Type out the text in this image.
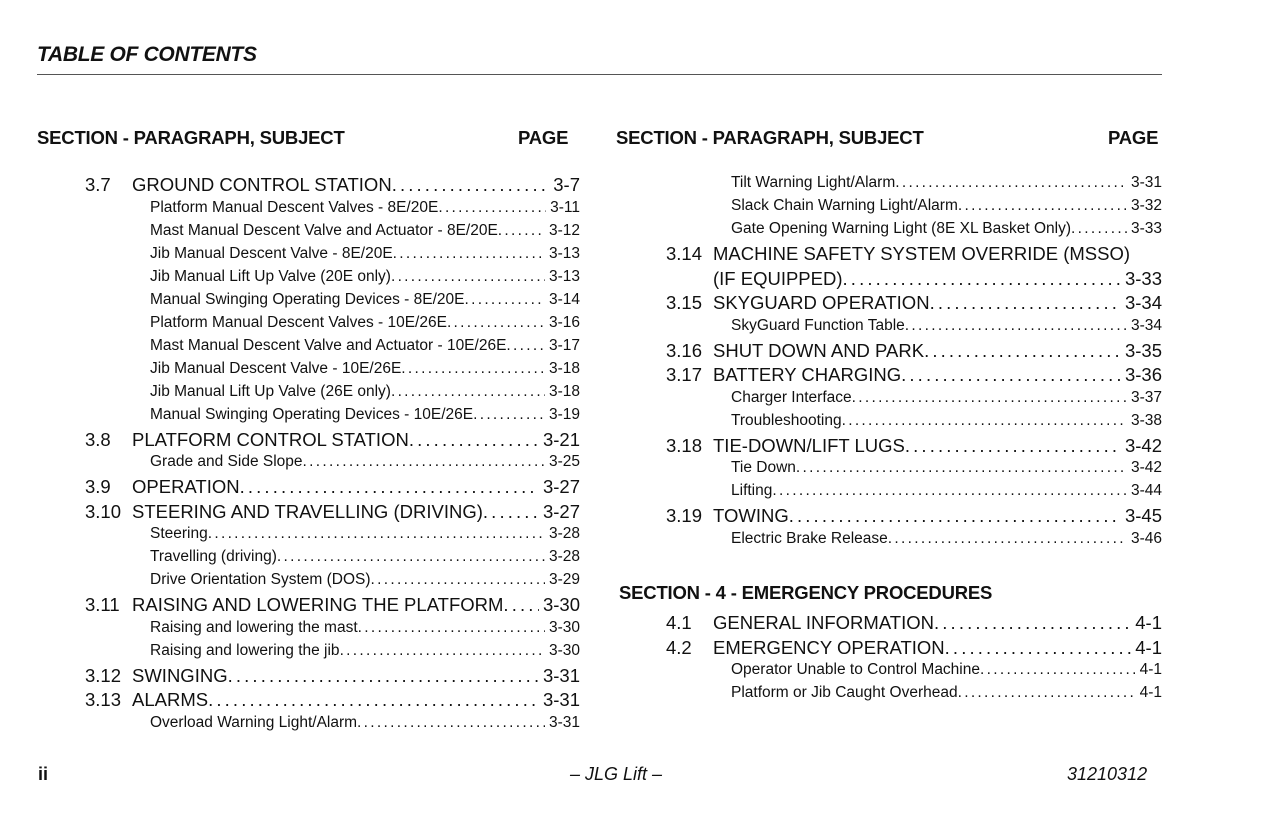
TABLE OF CONTENTS
SECTION - PARAGRAPH, SUBJECT	PAGE	SECTION - PARAGRAPH, SUBJECT	PAGE
3.7 GROUND CONTROL STATION . . .	3-7
Platform Manual Descent Valves - 8E/20E . . .	3-11
Mast Manual Descent Valve and Actuator - 8E/20E . . .	3-12
Jib Manual Descent Valve - 8E/20E . . .	3-13
Jib Manual Lift Up Valve (20E only) . . .	3-13
Manual Swinging Operating Devices - 8E/20E . . .	3-14
Platform Manual Descent Valves - 10E/26E . . .	3-16
Mast Manual Descent Valve and Actuator - 10E/26E . . .	3-17
Jib Manual Descent Valve - 10E/26E . . .	3-18
Jib Manual Lift Up Valve (26E only) . . .	3-18
Manual Swinging Operating Devices - 10E/26E . . .	3-19
3.8 PLATFORM CONTROL STATION . . .	3-21
Grade and Side Slope . . .	3-25
3.9 OPERATION . . .	3-27
3.10 STEERING AND TRAVELLING (DRIVING) . . .	3-27
Steering . . .	3-28
Travelling (driving) . . .	3-28
Drive Orientation System (DOS) . . .	3-29
3.11 RAISING AND LOWERING THE PLATFORM . . . 3-30
Raising and lowering the mast . . .	3-30
Raising and lowering the jib . . .	3-30
3.12 SWINGING . . .	3-31
3.13 ALARMS . . .	3-31
Overload Warning Light/Alarm . . .	3-31
Tilt Warning Light/Alarm . . .	3-31
Slack Chain Warning Light/Alarm . . .	3-32
Gate Opening Warning Light (8E XL Basket Only) . . .	3-33
3.14 MACHINE SAFETY SYSTEM OVERRIDE (MSSO)
(IF EQUIPPED) . . .	3-33
3.15 SKYGUARD OPERATION . . .	3-34
SkyGuard Function Table . . .	3-34
3.16 SHUT DOWN AND PARK . . .	3-35
3.17 BATTERY CHARGING . . .	3-36
Charger Interface . . .	3-37
Troubleshooting . . .	3-38
3.18 TIE-DOWN/LIFT LUGS . . .	3-42
Tie Down . . .	3-42
Lifting . . .	3-44
3.19 TOWING . . .	3-45
Electric Brake Release . . .	3-46
SECTION - 4 - EMERGENCY PROCEDURES
4.1 GENERAL INFORMATION . . .	4-1
4.2 EMERGENCY OPERATION . . .	4-1
Operator Unable to Control Machine . . .	4-1
Platform or Jib Caught Overhead . . .	4-1
ii	– JLG Lift –	31210312
